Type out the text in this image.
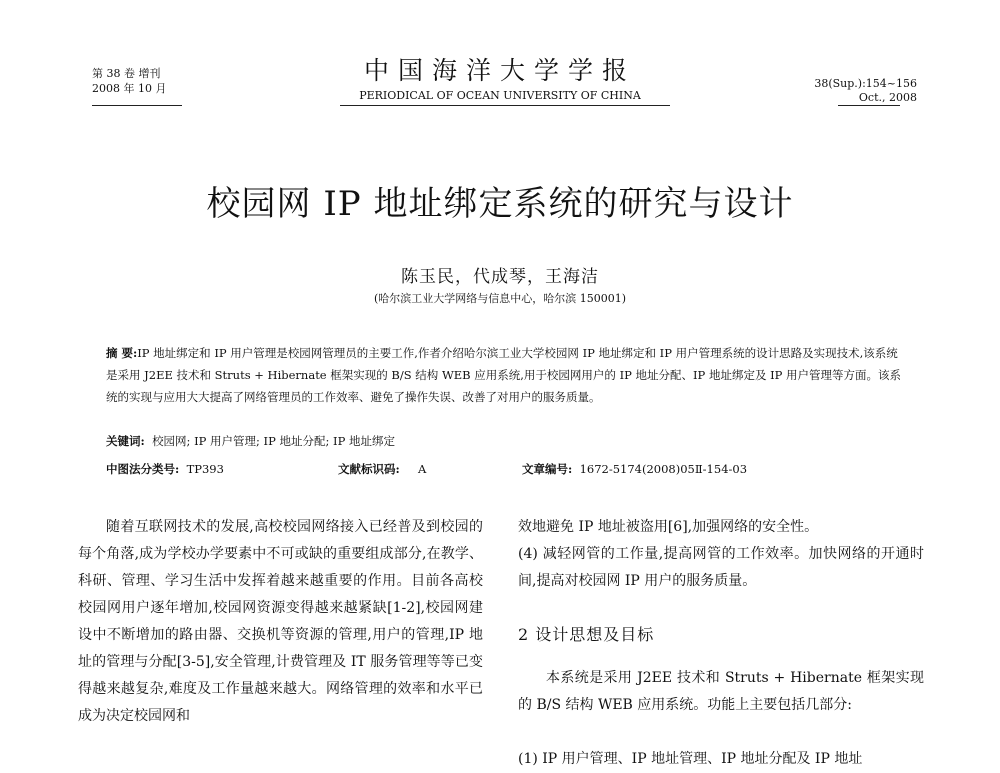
第 38 卷 增刊
2008 年 10 月
中国海洋大学学报
PERIODICAL OF OCEAN UNIVERSITY OF CHINA
38(Sup.):154~156
Oct., 2008
校园网 IP 地址绑定系统的研究与设计
陈玉民，代成琴，王海洁
(哈尔滨工业大学网络与信息中心，哈尔滨 150001)
摘 要:IP 地址绑定和 IP 用户管理是校园网管理员的主要工作,作者介绍哈尔滨工业大学校园网 IP 地址绑定和 IP 用户管理系统的设计思路及实现技术,该系统是采用 J2EE 技术和 Struts + Hibernate 框架实现的 B/S 结构 WEB 应用系统,用于校园网用户的 IP 地址分配、IP 地址绑定及 IP 用户管理等方面。该系统的实现与应用大大提高了网络管理员的工作效率、避免了操作失误、改善了对用户的服务质量。
关键词: 校园网; IP 用户管理; IP 地址分配; IP 地址绑定
中图法分类号: TP393	文献标识码: A	文章编号: 1672-5174(2008)05Ⅱ-154-03
随着互联网技术的发展,高校校园网络接入已经普及到校园的每个角落,成为学校办学要素中不可或缺的重要组成部分,在教学、科研、管理、学习生活中发挥着越来越重要的作用。目前各高校校园网用户逐年增加,校园网资源变得越来越紧缺[1-2],校园网建设中不断增加的路由器、交换机等资源的管理,用户的管理,IP 地址的管理与分配[3-5],安全管理,计费管理及 IT 服务管理等等已变得越来越复杂,难度及工作量越来越大。网络管理的效率和水平已成为决定校园网和

效地避免 IP 地址被盗用[6],加强网络的安全性。

(4) 减轻网管的工作量,提高网管的工作效率。加快网络的开通时间,提高对校园网 IP 用户的服务质量。

2 设计思想及目标
本系统是采用 J2EE 技术和 Struts + Hibernate 框架实现的 B/S 结构 WEB 应用系统。功能上主要包括几部分:
(1) IP 用户管理、IP 地址管理、IP 地址分配及 IP 地址
